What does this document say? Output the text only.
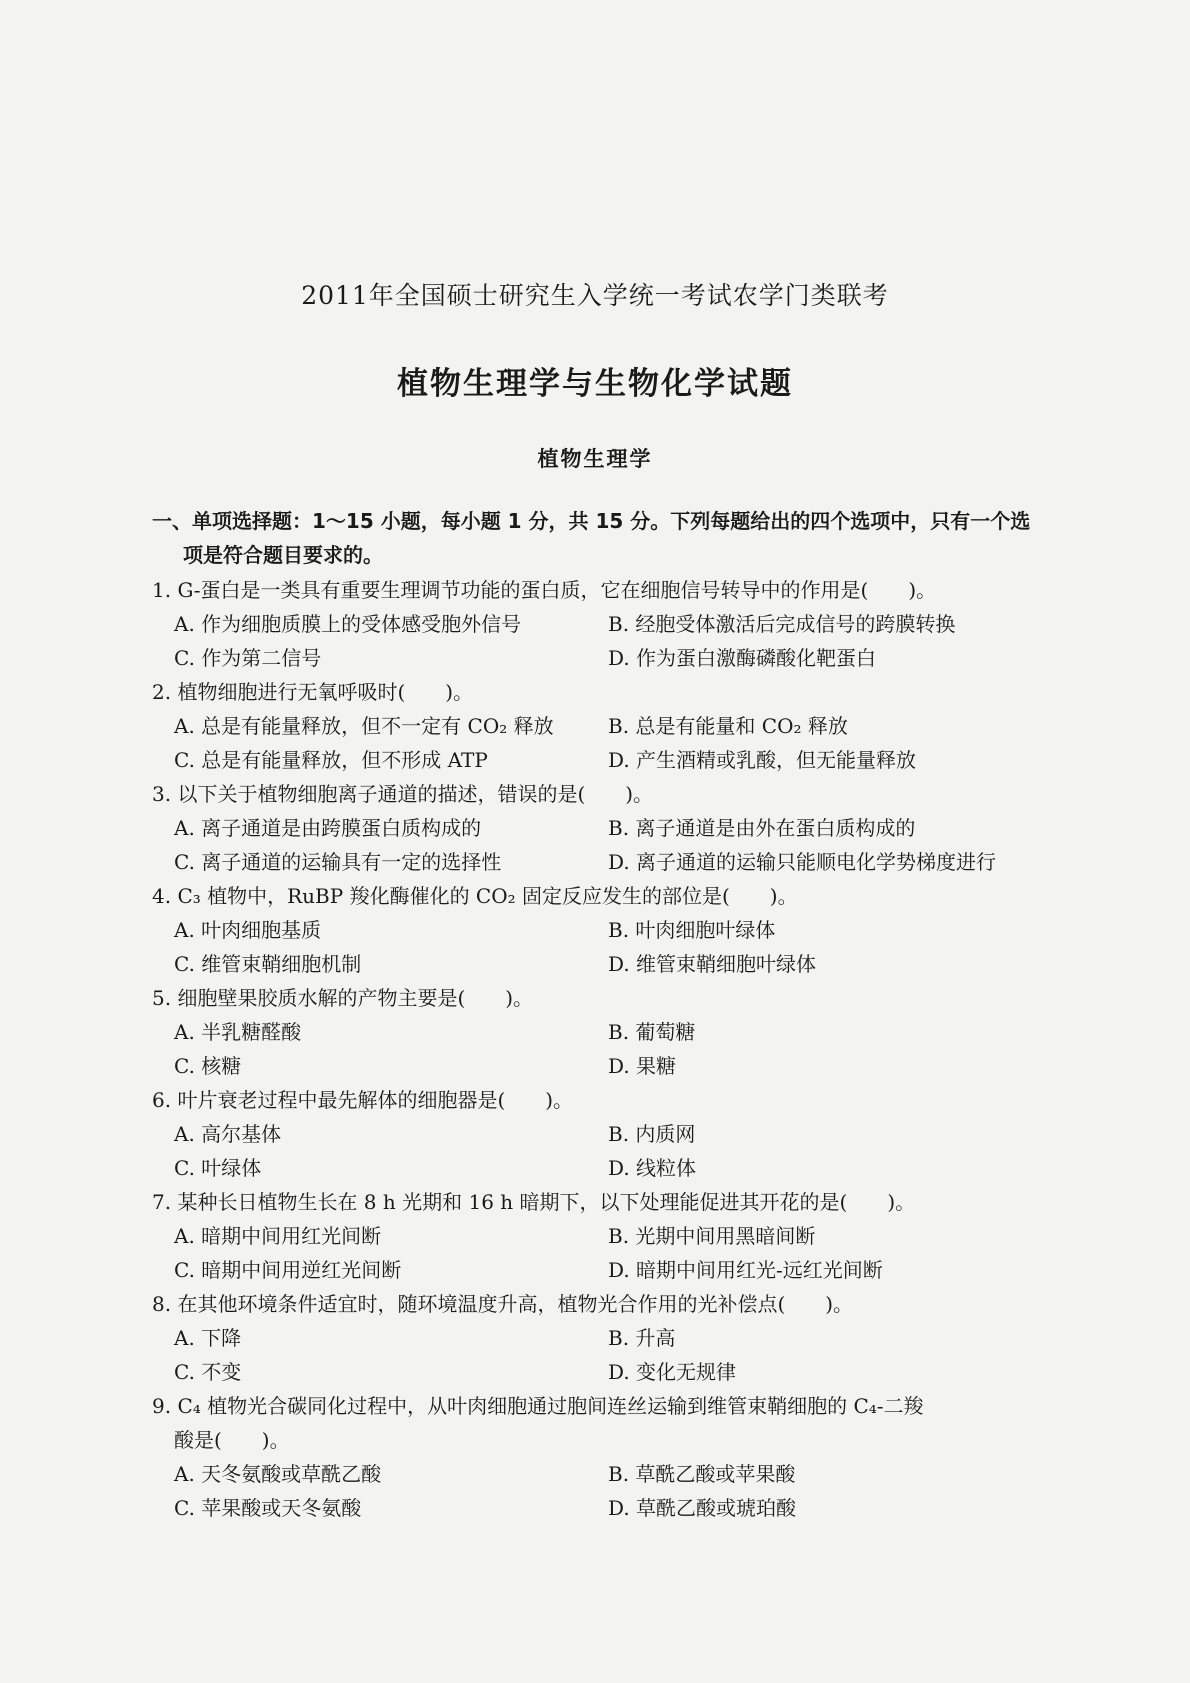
2011年全国硕士研究生入学统一考试农学门类联考
植物生理学与生物化学试题
植物生理学
一、单项选择题：1～15 小题，每小题 1 分，共 15 分。下列每题给出的四个选项中，只有一个选
项是符合题目要求的。
1. G-蛋白是一类具有重要生理调节功能的蛋白质，它在细胞信号转导中的作用是(　　)。
A. 作为细胞质膜上的受体感受胞外信号	B. 经胞受体激活后完成信号的跨膜转换
C. 作为第二信号	D. 作为蛋白激酶磷酸化靶蛋白
2. 植物细胞进行无氧呼吸时(　　)。
A. 总是有能量释放，但不一定有 CO₂ 释放	B. 总是有能量和 CO₂ 释放
C. 总是有能量释放，但不形成 ATP	D. 产生酒精或乳酸，但无能量释放
3. 以下关于植物细胞离子通道的描述，错误的是(　　)。
A. 离子通道是由跨膜蛋白质构成的	B. 离子通道是由外在蛋白质构成的
C. 离子通道的运输具有一定的选择性	D. 离子通道的运输只能顺电化学势梯度进行
4. C₃ 植物中，RuBP 羧化酶催化的 CO₂ 固定反应发生的部位是(　　)。
A. 叶肉细胞基质	B. 叶肉细胞叶绿体
C. 维管束鞘细胞机制	D. 维管束鞘细胞叶绿体
5. 细胞壁果胶质水解的产物主要是(　　)。
A. 半乳糖醛酸	B. 葡萄糖
C. 核糖	D. 果糖
6. 叶片衰老过程中最先解体的细胞器是(　　)。
A. 高尔基体	B. 内质网
C. 叶绿体	D. 线粒体
7. 某种长日植物生长在 8 h 光期和 16 h 暗期下，以下处理能促进其开花的是(　　)。
A. 暗期中间用红光间断	B. 光期中间用黑暗间断
C. 暗期中间用逆红光间断	D. 暗期中间用红光-远红光间断
8. 在其他环境条件适宜时，随环境温度升高，植物光合作用的光补偿点(　　)。
A. 下降	B. 升高
C. 不变	D. 变化无规律
9. C₄ 植物光合碳同化过程中，从叶肉细胞通过胞间连丝运输到维管束鞘细胞的 C₄-二羧
酸是(　　)。
A. 天冬氨酸或草酰乙酸	B. 草酰乙酸或苹果酸
C. 苹果酸或天冬氨酸	D. 草酰乙酸或琥珀酸
